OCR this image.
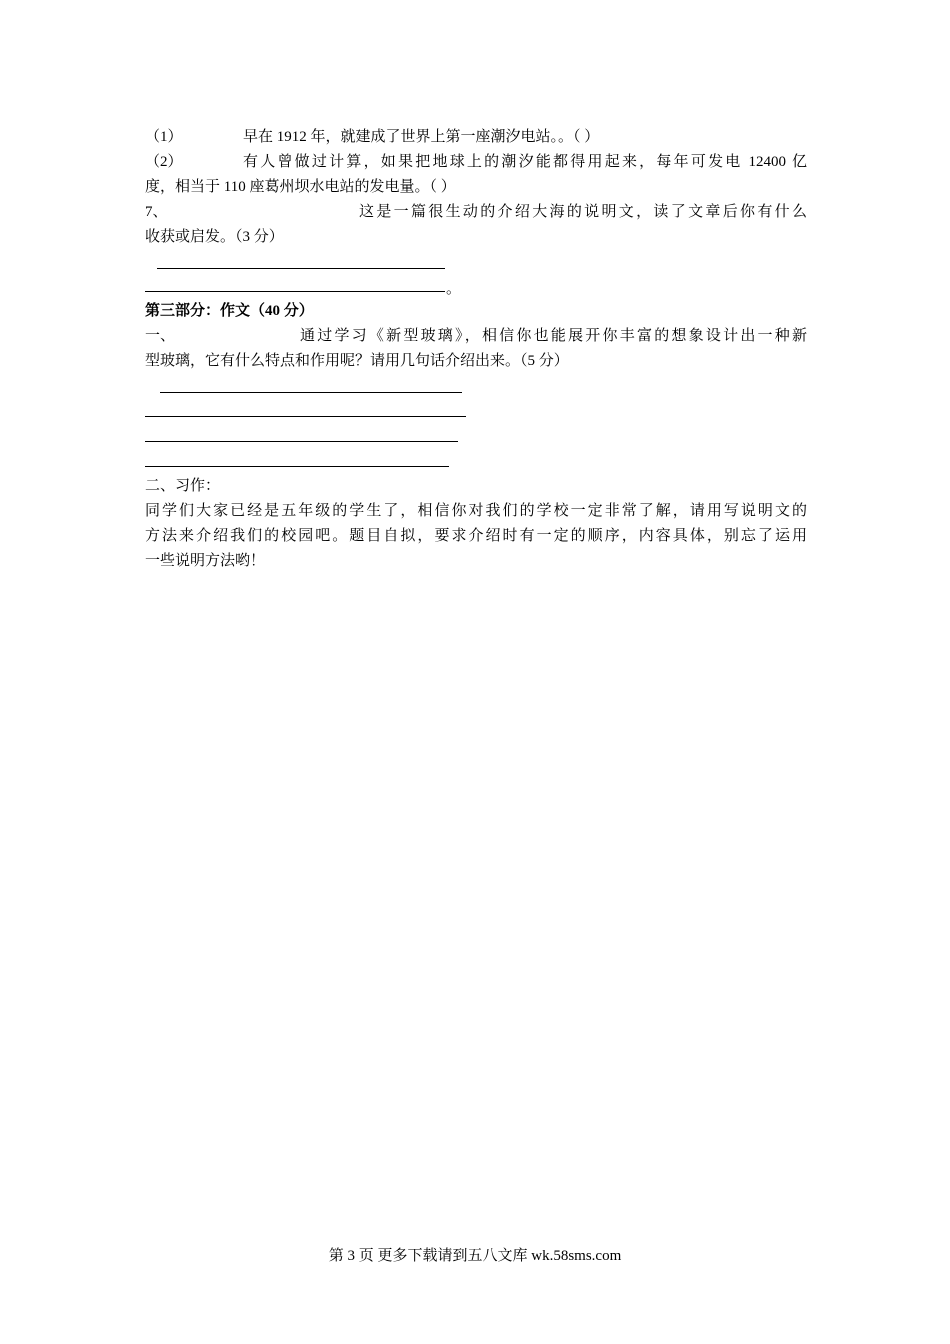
（1）	早在 1912 年，就建成了世界上第一座潮汐电站。。（ ）
（2）	有人曾做过计算，如果把地球上的潮汐能都得用起来，每年可发电 12400 亿
度，相当于 110 座葛州坝水电站的发电量。（ ）
7、	这是一篇很生动的介绍大海的说明文，读了文章后你有什么
收获或启发。（3 分）
。
第三部分：作文（40 分）
一、	通过学习《新型玻璃》，相信你也能展开你丰富的想象设计出一种新
型玻璃，它有什么特点和作用呢？请用几句话介绍出来。（5 分）
二、习作：
同学们大家已经是五年级的学生了，相信你对我们的学校一定非常了解，请用写说明文的
方法来介绍我们的校园吧。题目自拟，要求介绍时有一定的顺序，内容具体，别忘了运用
一些说明方法哟！
第 3 页 更多下载请到五八文库 wk.58sms.com
